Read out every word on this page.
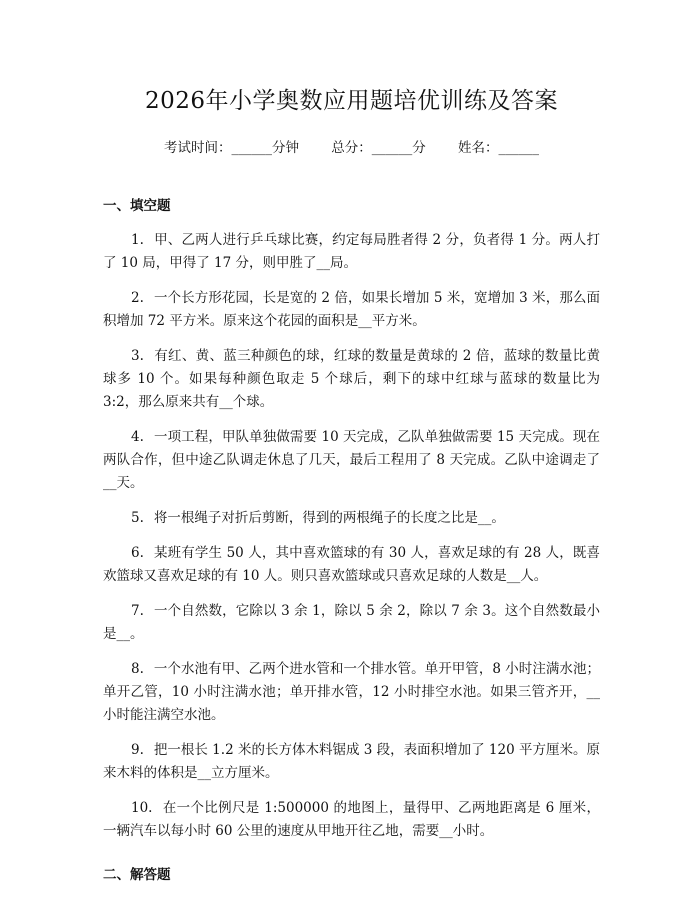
2026年小学奥数应用题培优训练及答案
考试时间：______分钟 总分：______分 姓名：______
一、填空题
1. 甲、乙两人进行乒乓球比赛，约定每局胜者得 2 分，负者得 1 分。两人打了 10 局，甲得了 17 分，则甲胜了__局。
2. 一个长方形花园，长是宽的 2 倍，如果长增加 5 米，宽增加 3 米，那么面积增加 72 平方米。原来这个花园的面积是__平方米。
3. 有红、黄、蓝三种颜色的球，红球的数量是黄球的 2 倍，蓝球的数量比黄球多 10 个。如果每种颜色取走 5 个球后，剩下的球中红球与蓝球的数量比为 3:2，那么原来共有__个球。
4. 一项工程，甲队单独做需要 10 天完成，乙队单独做需要 15 天完成。现在两队合作，但中途乙队调走休息了几天，最后工程用了 8 天完成。乙队中途调走了__天。
5. 将一根绳子对折后剪断，得到的两根绳子的长度之比是__。
6. 某班有学生 50 人，其中喜欢篮球的有 30 人，喜欢足球的有 28 人，既喜欢篮球又喜欢足球的有 10 人。则只喜欢篮球或只喜欢足球的人数是__人。
7. 一个自然数，它除以 3 余 1，除以 5 余 2，除以 7 余 3。这个自然数最小是__。
8. 一个水池有甲、乙两个进水管和一个排水管。单开甲管，8 小时注满水池；单开乙管，10 小时注满水池；单开排水管，12 小时排空水池。如果三管齐开，__小时能注满空水池。
9. 把一根长 1.2 米的长方体木料锯成 3 段，表面积增加了 120 平方厘米。原来木料的体积是__立方厘米。
10. 在一个比例尺是 1:500000 的地图上，量得甲、乙两地距离是 6 厘米，一辆汽车以每小时 60 公里的速度从甲地开往乙地，需要__小时。
二、解答题
